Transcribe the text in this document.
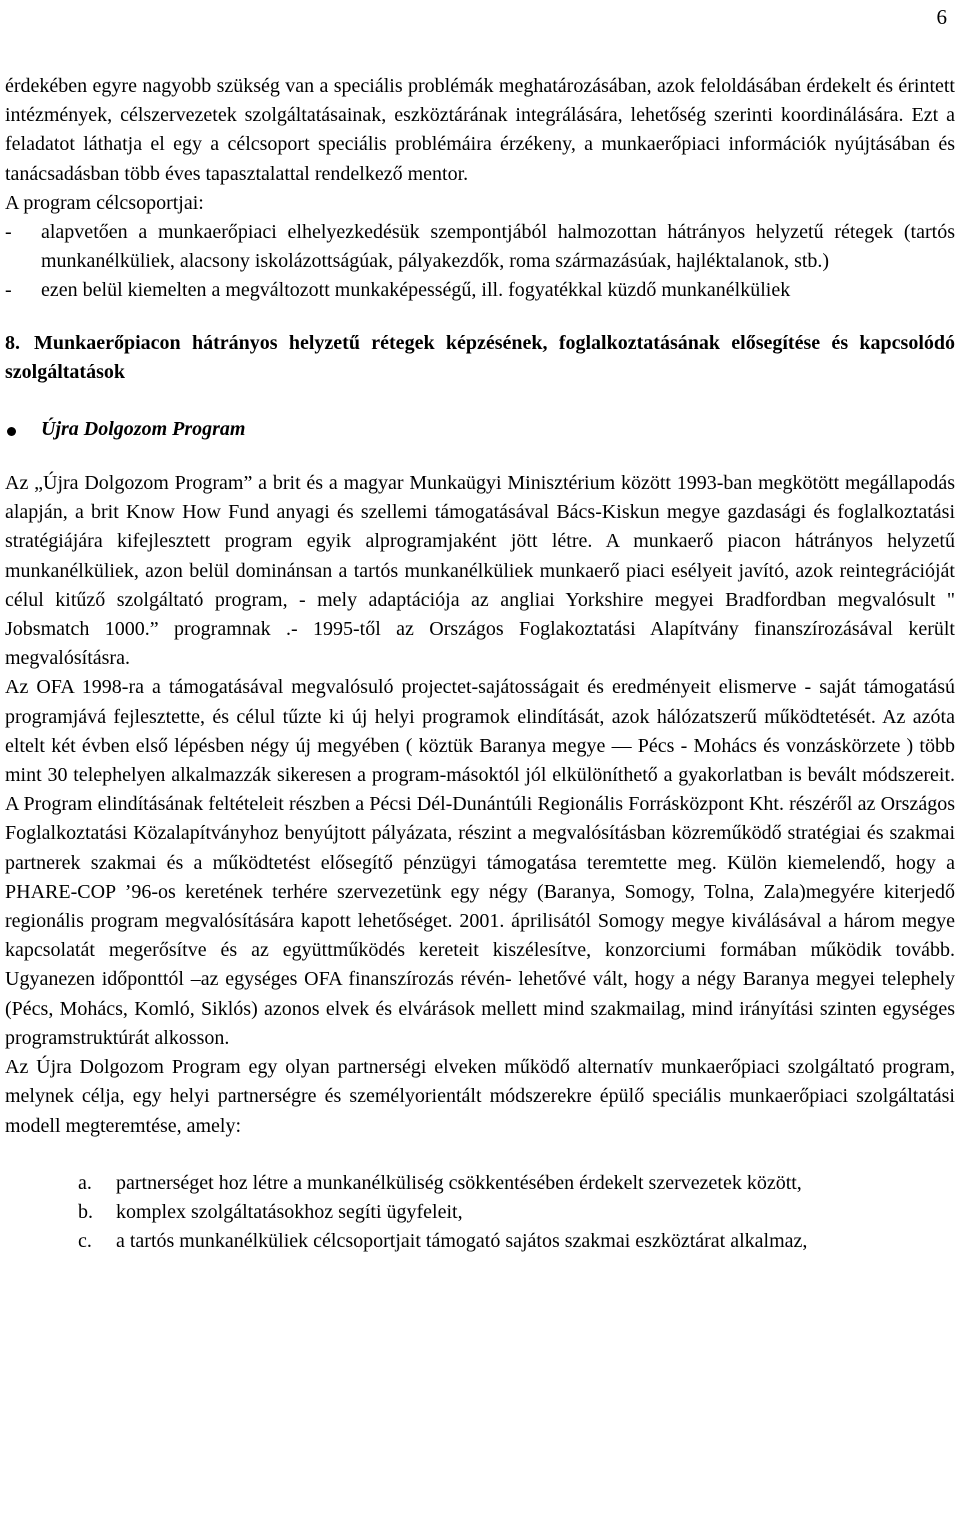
6

érdekében egyre nagyobb szükség van a speciális problémák meghatározásában, azok feloldásában érdekelt és érintett intézmények, célszervezetek szolgáltatásainak, eszköztárának integrálására, lehetőség szerinti koordinálására. Ezt a feladatot láthatja el egy a célcsoport speciális problémáira érzékeny, a munkaerőpiaci információk nyújtásában és tanácsadásban több éves tapasztalattal rendelkező mentor.

A program célcsoportjai:

- alapvetően a munkaerőpiaci elhelyezkedésük szempontjából halmozottan hátrányos helyzetű rétegek (tartós munkanélküliek, alacsony iskolázottságúak, pályakezdők, roma származásúak, hajléktalanok, stb.)

- ezen belül kiemelten a megváltozott munkaképességű, ill. fogyatékkal küzdő munkanélküliek

8. Munkaerőpiacon hátrányos helyzetű rétegek képzésének, foglalkoztatásának elősegítése és kapcsolódó szolgáltatások

Újra Dolgozom Program

Az „Újra Dolgozom Program” a brit és a magyar Munkaügyi Minisztérium között 1993-ban megkötött megállapodás alapján, a brit Know How Fund anyagi és szellemi támogatásával Bács-Kiskun megye gazdasági és foglalkoztatási stratégiájára kifejlesztett program egyik alprogramjaként jött létre. A munkaerő piacon hátrányos helyzetű munkanélküliek, azon belül dominánsan a tartós munkanélküliek munkaerő piaci esélyeit javító, azok reintegrációját célul kitűző szolgáltató program, - mely adaptációja az angliai Yorkshire megyei Bradfordban megvalósult " Jobsmatch 1000.” programnak .- 1995-től az Országos Foglakoztatási Alapítvány finanszírozásával került megvalósításra.

Az OFA 1998-ra a támogatásával megvalósuló projectet-sajátosságait és eredményeit elismerve - saját támogatású programjává fejlesztette, és célul tűzte ki új helyi programok elindítását, azok hálózatszerű működtetését. Az azóta eltelt két évben első lépésben négy új megyében ( köztük Baranya megye — Pécs - Mohács és vonzáskörzete ) több mint 30 telephelyen alkalmazzák sikeresen a program-másoktól jól elkülöníthető a gyakorlatban is bevált módszereit. A Program elindításának feltételeit részben a Pécsi Dél-Dunántúli Regionális Forrásközpont Kht. részéről az Országos Foglalkoztatási Közalapítványhoz benyújtott pályázata, részint a megvalósításban közreműködő stratégiai és szakmai partnerek szakmai és a működtetést elősegítő pénzügyi támogatása teremtette meg. Külön kiemelendő, hogy a PHARE-COP ’96-os keretének terhére szervezetünk egy négy (Baranya, Somogy, Tolna, Zala)megyére kiterjedő regionális program megvalósítására kapott lehetőséget. 2001. áprilisától Somogy megye kiválásával a három megye kapcsolatát megerősítve és az együttműködés kereteit kiszélesítve, konzorciumi formában működik tovább. Ugyanezen időponttól –az egységes OFA finanszírozás révén- lehetővé vált, hogy a négy Baranya megyei telephely (Pécs, Mohács, Komló, Siklós) azonos elvek és elvárások mellett mind szakmailag, mind irányítási szinten egységes programstruktúrát alkosson.

Az Újra Dolgozom Program egy olyan partnerségi elveken működő alternatív munkaerőpiaci szolgáltató program, melynek célja, egy helyi partnerségre és személyorientált módszerekre épülő speciális munkaerőpiaci szolgáltatási modell megteremtése, amely:

a. partnerséget hoz létre a munkanélküliség csökkentésében érdekelt szervezetek között,
b. komplex szolgáltatásokhoz segíti ügyfeleit,
c. a tartós munkanélküliek célcsoportjait támogató sajátos szakmai eszköztárat alkalmaz,
